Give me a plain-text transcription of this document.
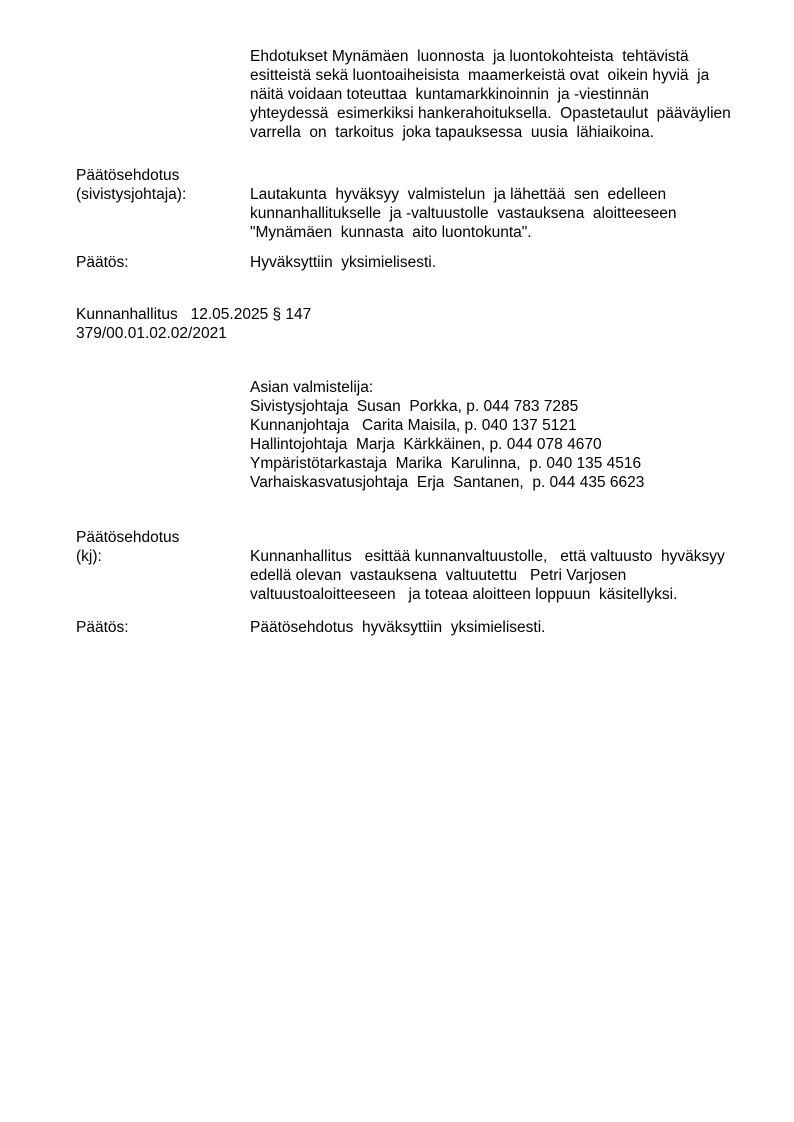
Ehdotukset Mynämäen  luonnosta  ja luontokohteista  tehtävistä
esitteistä sekä luontoaiheisista  maamerkeistä ovat  oikein hyviä  ja
näitä voidaan toteuttaa  kuntamarkkinoinnin  ja -viestinnän
yhteydessä  esimerkiksi hankerahoituksella.  Opastetaulut  pääväylien
varrella  on  tarkoitus  joka tapauksessa  uusia  lähiaikoina.
Päätösehdotus
(sivistysjohtaja):	Lautakunta  hyväksyy  valmistelun  ja lähettää  sen  edelleen
kunnanhallitukselle  ja -valtuustolle  vastauksena  aloitteeseen
"Mynämäen  kunnasta  aito luontokunta".
Päätös:	Hyväksyttiin  yksimielisesti.
Kunnanhallitus   12.05.2025 § 147
379/00.01.02.02/2021
Asian valmistelija:
Sivistysjohtaja  Susan  Porkka, p. 044 783 7285
Kunnanjohtaja   Carita Maisila, p. 040 137 5121
Hallintojohtaja  Marja  Kärkkäinen, p. 044 078 4670
Ympäristötarkastaja  Marika  Karulinna,  p. 040 135 4516
Varhaiskasvatusjohtaja  Erja  Santanen,  p. 044 435 6623
Päätösehdotus
(kj):	Kunnanhallitus   esittää kunnanvaltuustolle,   että valtuusto  hyväksyy
edellä olevan  vastauksena  valtuutettu   Petri Varjosen
valtuustoaloitteeseen   ja toteaa aloitteen loppuun  käsitellyksi.
Päätös:	Päätösehdotus  hyväksyttiin  yksimielisesti.
